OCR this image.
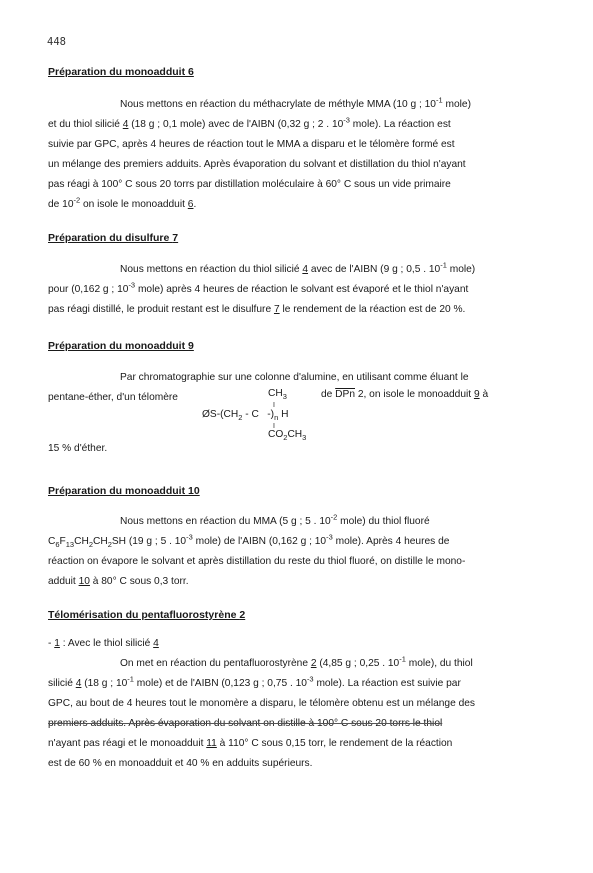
448
Préparation du monoadduit 6
Nous mettons en réaction du méthacrylate de méthyle MMA (10 g ; $10^{-1}$ mole)
et du thiol silicié 4 (18 g ; 0,1 mole) avec de l'AIBN (0,32 g ; 2 . $10^{-3}$ mole). La réaction est
suivie par GPC, après 4 heures de réaction tout le MMA a disparu et le télomère formé est
un mélange des premiers adduits. Après évaporation du solvant et distillation du thiol n'ayant
pas réagi à 100° C sous 20 torrs par distillation moléculaire à 60° C sous un vide primaire
de $10^{-2}$ on isole le monoadduit 6.
Préparation du disulfure 7
Nous mettons en réaction du thiol silicié 4 avec de l'AIBN (9 g ; 0,5 . $10^{-1}$ mole)
pour (0,162 g ; $10^{-3}$ mole) après 4 heures de réaction le solvant est évaporé et le thiol n'ayant
pas réagi distillé, le produit restant est le disulfure 7 le rendement de la réaction est de 20 %.
Préparation du monoadduit 9
Par chromatographie sur une colonne d'alumine, en utilisant comme éluant le
pentane-éther, d'un télomère	de $\overline{DPn}$ 2, on isole le monoadduit 9 à
$CH_3$
I
$ØS-(CH_2$ - C   $-)_n$ H
I
$CO_2CH_3$
15 % d'éther.
Préparation du monoadduit 10
Nous mettons en réaction du MMA (5 g ; 5 . $10^{-2}$ mole) du thiol fluoré
$C_6F_{13}CH_2CH_2SH$ (19 g ; 5 . $10^{-3}$ mole) de l'AIBN (0,162 g ; $10^{-3}$ mole). Après 4 heures de
réaction on évapore le solvant et après distillation du reste du thiol fluoré, on distille le mono-
adduit 10 à 80° C sous 0,3 torr.
Télomérisation du pentafluorostyrène 2
- 1 : Avec le thiol silicié 4
On met en réaction du pentafluorostyrène 2 (4,85 g ; 0,25 . $10^{-1}$ mole), du thiol
silicié 4 (18 g ; $10^{-1}$ mole) et de l'AIBN (0,123 g ; 0,75 . $10^{-3}$ mole). La réaction est suivie par
GPC, au bout de 4 heures tout le monomère a disparu, le télomère obtenu est un mélange des
premiers adduits. Après évaporation du solvant on distille à 100° C sous 20 torrs le thiol
n'ayant pas réagi et le monoadduit 11 à 110° C sous 0,15 torr, le rendement de la réaction
est de 60 % en monoadduit et 40 % en adduits supérieurs.
